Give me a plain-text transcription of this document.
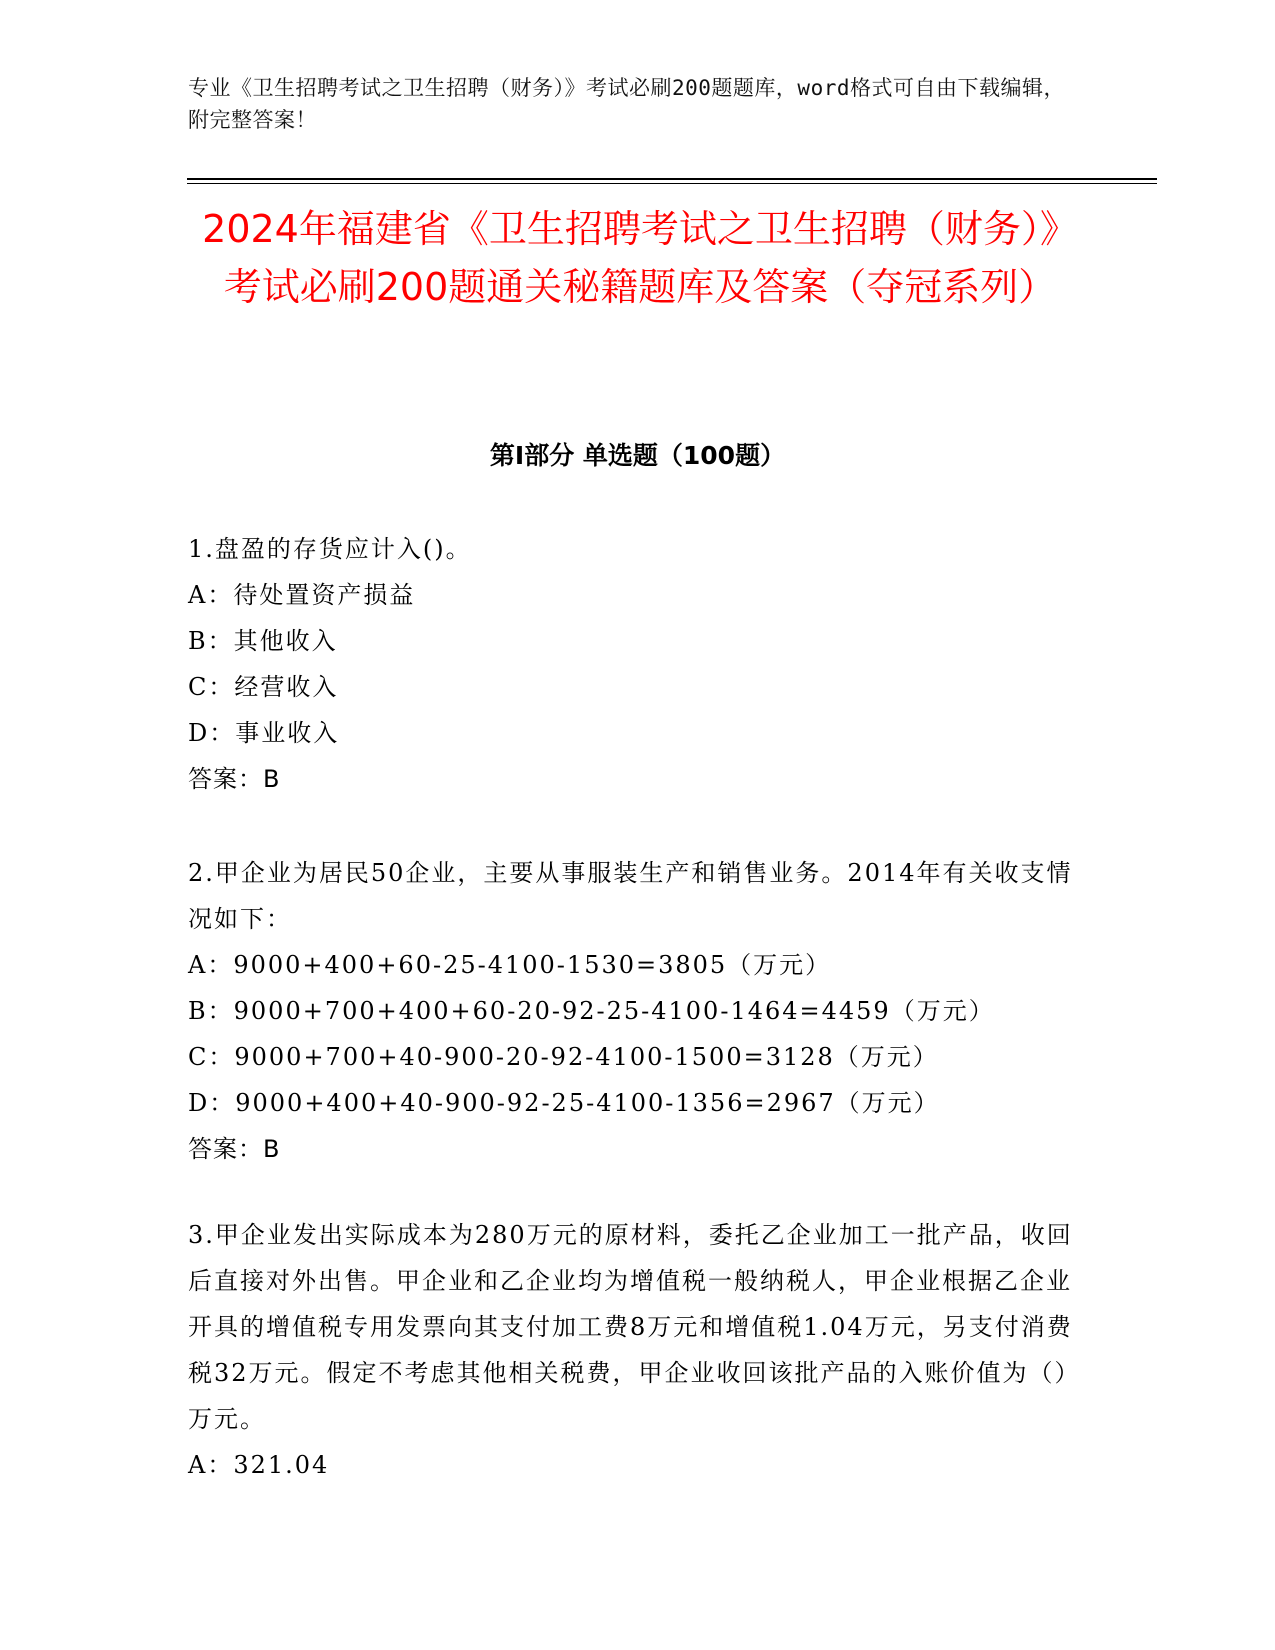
专业《卫生招聘考试之卫生招聘（财务）》考试必刷200题题库，word格式可自由下载编辑，附完整答案！
2024年福建省《卫生招聘考试之卫生招聘（财务）》考试必刷200题通关秘籍题库及答案（夺冠系列）
第Ⅰ部分 单选题（100题）

1.盘盈的存货应计入()。

A：待处置资产损益

B：其他收入

C：经营收入

D：事业收入

答案：B

2.甲企业为居民50企业，主要从事服装生产和销售业务。2014年有关收支情况如下：

A：9000+400+60-25-4100-1530=3805（万元）

B：9000+700+400+60-20-92-25-4100-1464=4459（万元）

C：9000+700+40-900-20-92-4100-1500=3128（万元）

D：9000+400+40-900-92-25-4100-1356=2967（万元）

答案：B

3.甲企业发出实际成本为280万元的原材料，委托乙企业加工一批产品，收回后直接对外出售。甲企业和乙企业均为增值税一般纳税人，甲企业根据乙企业开具的增值税专用发票向其支付加工费8万元和增值税1.04万元，另支付消费税32万元。假定不考虑其他相关税费，甲企业收回该批产品的入账价值为（）万元。

A：321.04
